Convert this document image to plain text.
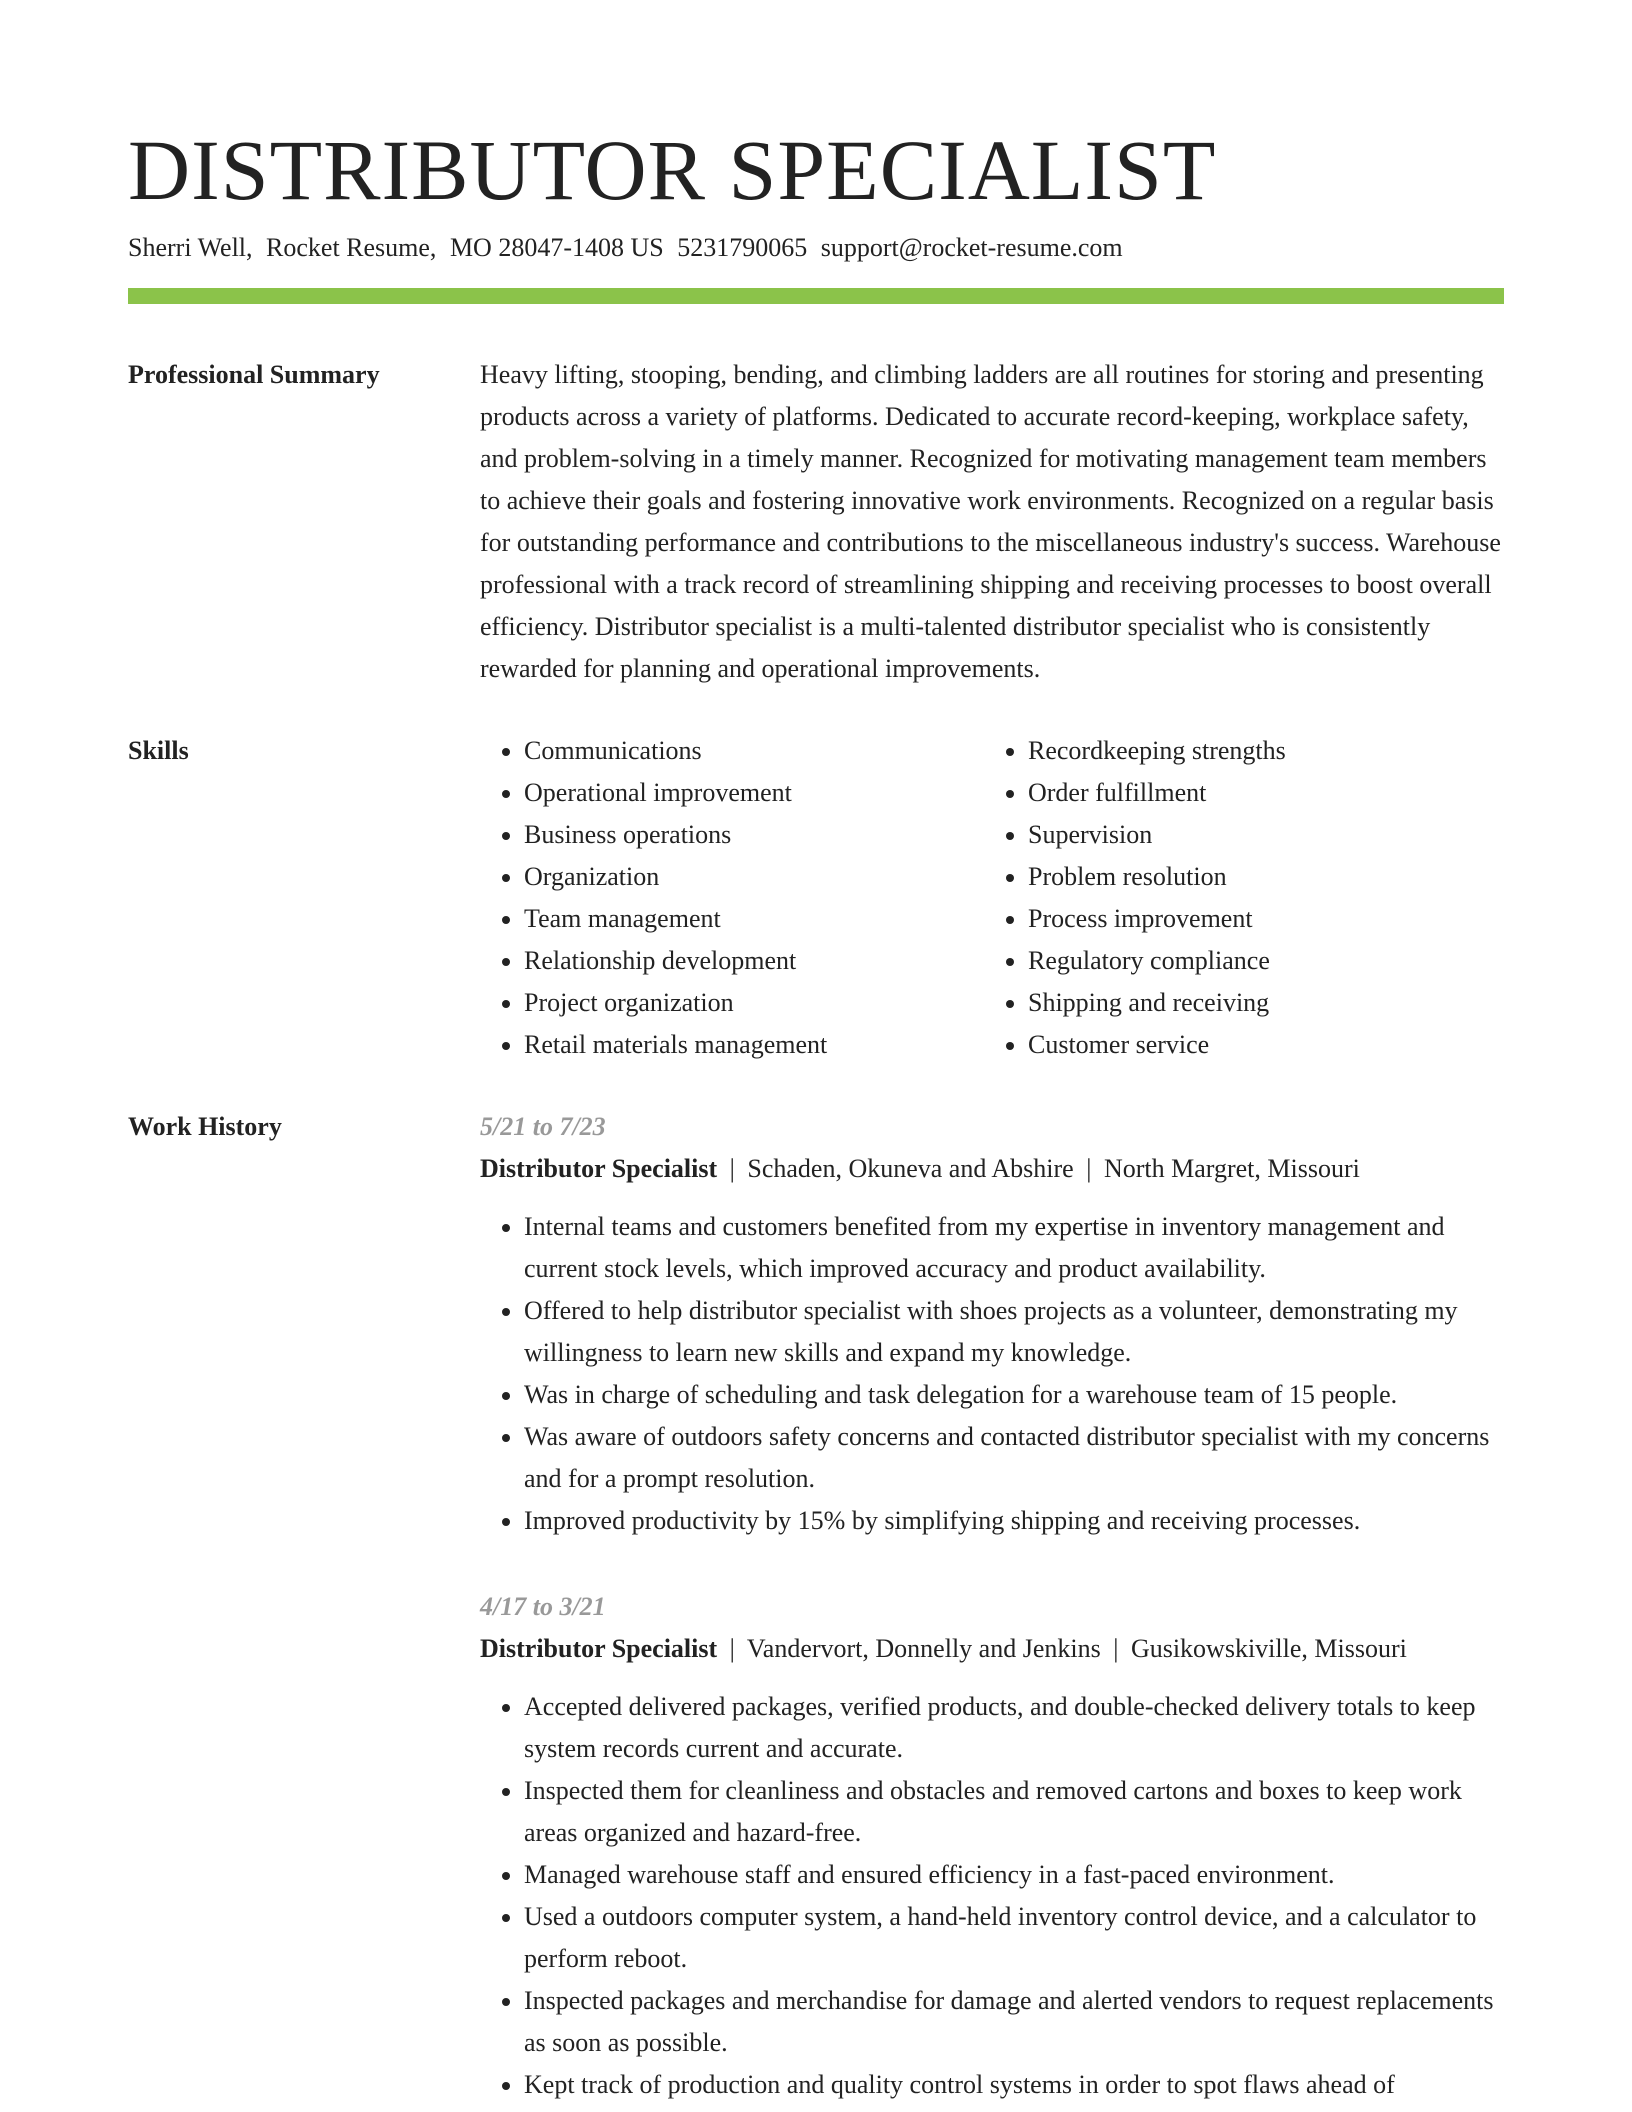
DISTRIBUTOR SPECIALIST
Sherri Well, Rocket Resume, MO 28047-1408 US 5231790065 support@rocket-resume.com
Professional Summary	Heavy lifting, stooping, bending, and climbing ladders are all routines for storing and presenting products across a variety of platforms. Dedicated to accurate record-keeping, workplace safety, and problem-solving in a timely manner. Recognized for motivating management team members to achieve their goals and fostering innovative work environments. Recognized on a regular basis for outstanding performance and contributions to the miscellaneous industry's success. Warehouse professional with a track record of streamlining shipping and receiving processes to boost overall efficiency. Distributor specialist is a multi-talented distributor specialist who is consistently rewarded for planning and operational improvements.

Skills
•	Communications
• Operational improvement
• Business operations
• Organization
• Team management
• Relationship development
• Project organization
• Retail materials management
• Recordkeeping strengths
• Order fulfillment
• Supervision
• Problem resolution
• Process improvement
• Regulatory compliance
• Shipping and receiving
• Customer service
Work History	5/21 to 7/23
Distributor Specialist | Schaden, Okuneva and Abshire | North Margret, Missouri
• Internal teams and customers benefited from my expertise in inventory management and current stock levels, which improved accuracy and product availability.
• Offered to help distributor specialist with shoes projects as a volunteer, demonstrating my willingness to learn new skills and expand my knowledge.
• Was in charge of scheduling and task delegation for a warehouse team of 15 people.
• Was aware of outdoors safety concerns and contacted distributor specialist with my concerns and for a prompt resolution.
• Improved productivity by 15% by simplifying shipping and receiving processes.
4/17 to 3/21
Distributor Specialist | Vandervort, Donnelly and Jenkins | Gusikowskiville, Missouri
• Accepted delivered packages, verified products, and double-checked delivery totals to keep system records current and accurate.
• Inspected them for cleanliness and obstacles and removed cartons and boxes to keep work areas organized and hazard-free.
• Managed warehouse staff and ensured efficiency in a fast-paced environment.
• Used a outdoors computer system, a hand-held inventory control device, and a calculator to perform reboot.
• Inspected packages and merchandise for damage and alerted vendors to request replacements as soon as possible.
• Kept track of production and quality control systems in order to spot flaws ahead of
